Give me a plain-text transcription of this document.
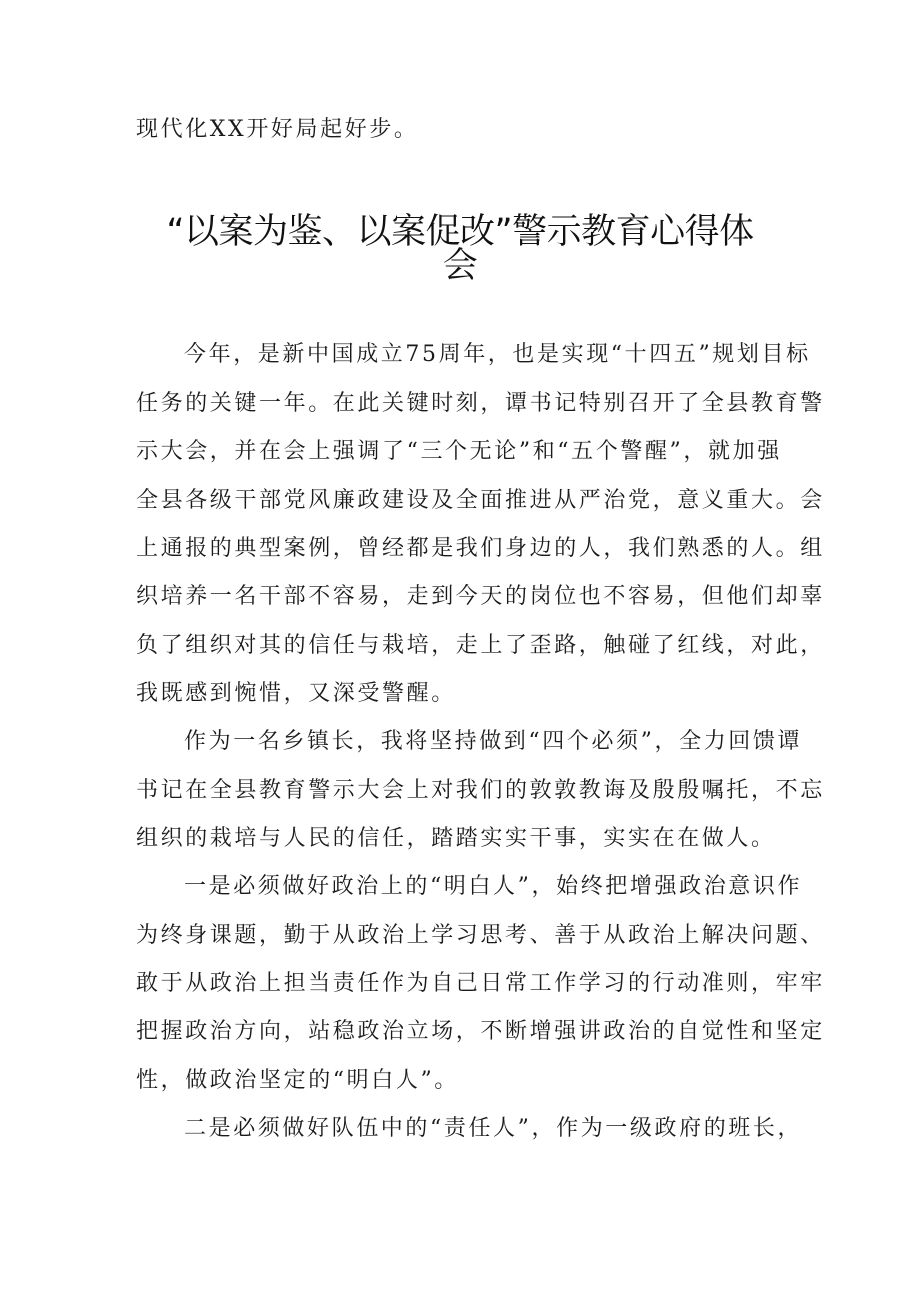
现代化XX开好局起好步。
“以案为鉴、以案促改”警示教育心得体
会
今年，是新中国成立75周年，也是实现“十四五”规划目标
任务的关键一年。在此关键时刻，谭书记特别召开了全县教育警
示大会，并在会上强调了“三个无论”和“五个警醒”，就加强
全县各级干部党风廉政建设及全面推进从严治党，意义重大。会
上通报的典型案例，曾经都是我们身边的人，我们熟悉的人。组
织培养一名干部不容易，走到今天的岗位也不容易，但他们却辜
负了组织对其的信任与栽培，走上了歪路，触碰了红线，对此，
我既感到惋惜，又深受警醒。
作为一名乡镇长，我将坚持做到“四个必须”，全力回馈谭
书记在全县教育警示大会上对我们的敦敦教诲及殷殷嘱托，不忘
组织的栽培与人民的信任，踏踏实实干事，实实在在做人。
一是必须做好政治上的“明白人”，始终把增强政治意识作
为终身课题，勤于从政治上学习思考、善于从政治上解决问题、
敢于从政治上担当责任作为自己日常工作学习的行动准则，牢牢
把握政治方向，站稳政治立场，不断增强讲政治的自觉性和坚定
性，做政治坚定的“明白人”。
二是必须做好队伍中的“责任人”，作为一级政府的班长，
